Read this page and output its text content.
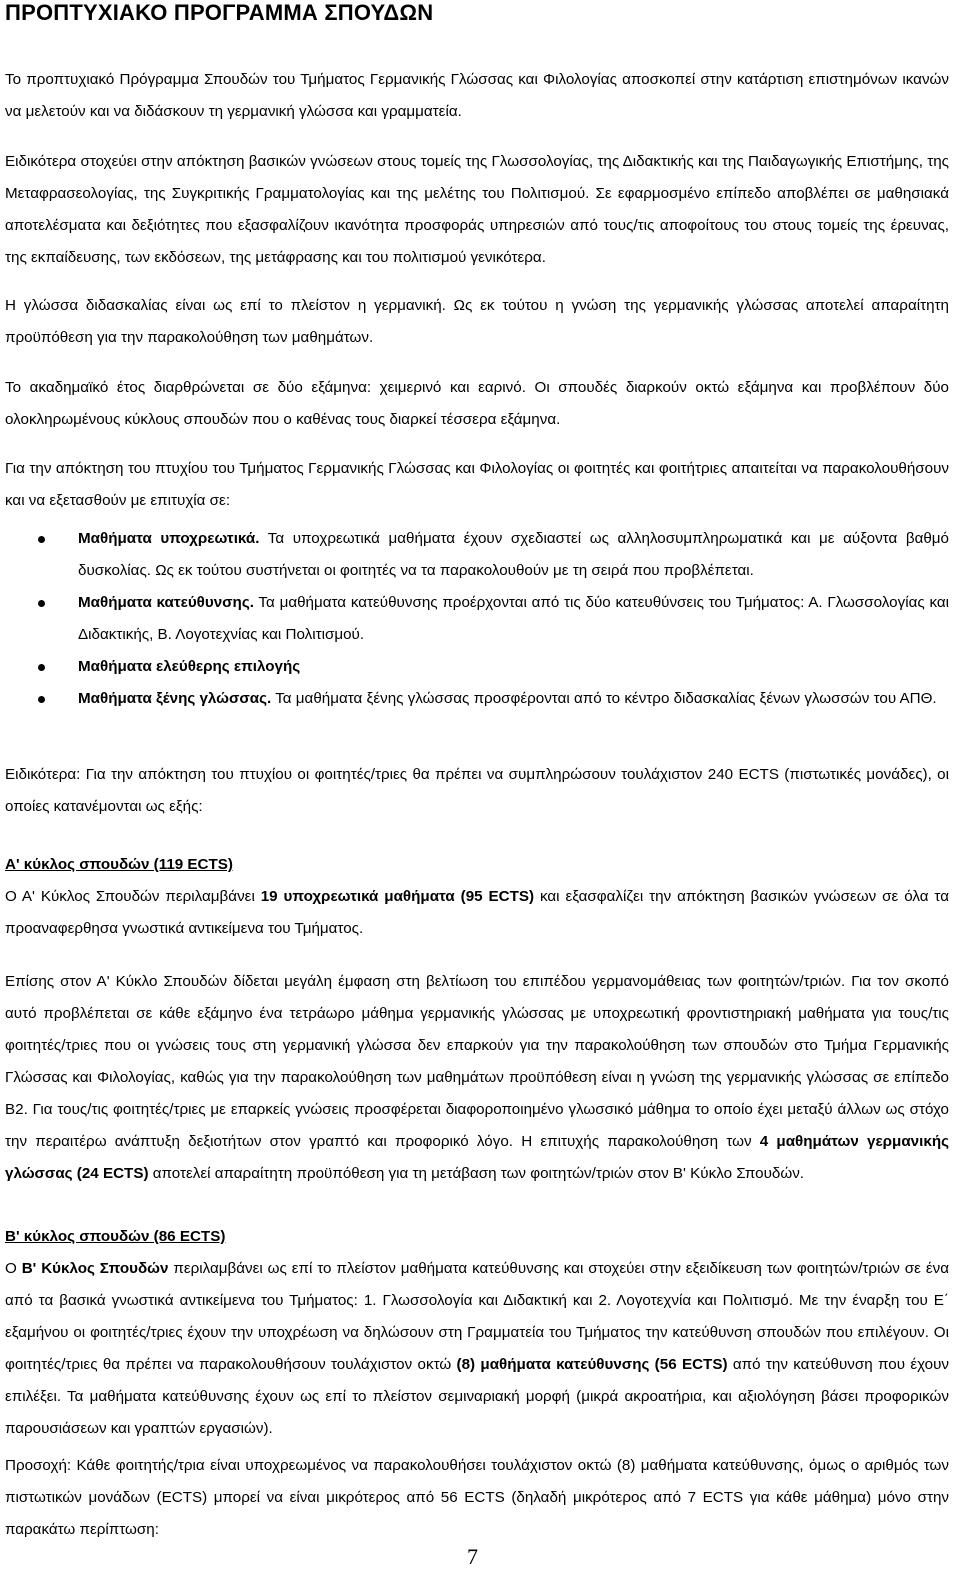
ΠΡΟΠΤΥΧΙΑΚΟ ΠΡΟΓΡΑΜΜΑ ΣΠΟΥΔΩΝ
Το προπτυχιακό Πρόγραμμα Σπουδών του Τμήματος Γερμανικής Γλώσσας και Φιλολογίας αποσκοπεί στην κατάρτιση επιστημόνων ικανών να μελετούν και να διδάσκουν τη γερμανική γλώσσα και γραμματεία.
Ειδικότερα στοχεύει στην απόκτηση βασικών γνώσεων στους τομείς της Γλωσσολογίας, της Διδακτικής και της Παιδαγωγικής Επιστήμης, της Μεταφρασεολογίας, της Συγκριτικής Γραμματολογίας και της μελέτης του Πολιτισμού. Σε εφαρμοσμένο επίπεδο αποβλέπει σε μαθησιακά αποτελέσματα και δεξιότητες που εξασφαλίζουν ικανότητα προσφοράς υπηρεσιών από τους/τις αποφοίτους του στους τομείς της έρευνας, της εκπαίδευσης, των εκδόσεων, της μετάφρασης και του πολιτισμού γενικότερα.
Η γλώσσα διδασκαλίας είναι ως επί το πλείστον η γερμανική. Ως εκ τούτου η γνώση της γερμανικής γλώσσας αποτελεί απαραίτητη προϋπόθεση για την παρακολούθηση των μαθημάτων.
Το ακαδημαϊκό έτος διαρθρώνεται σε δύο εξάμηνα: χειμερινό και εαρινό. Οι σπουδές διαρκούν οκτώ εξάμηνα και προβλέπουν δύο ολοκληρωμένους κύκλους σπουδών που ο καθένας τους διαρκεί τέσσερα εξάμηνα.
Για την απόκτηση του πτυχίου του Τμήματος Γερμανικής Γλώσσας και Φιλολογίας οι φοιτητές και φοιτήτριες απαιτείται να παρακολουθήσουν και να εξετασθούν με επιτυχία σε:
Μαθήματα υποχρεωτικά. Τα υποχρεωτικά μαθήματα έχουν σχεδιαστεί ως αλληλοσυμπληρωματικά και με αύξοντα βαθμό δυσκολίας. Ως εκ τούτου συστήνεται οι φοιτητές να τα παρακολουθούν με τη σειρά που προβλέπεται.
Μαθήματα κατεύθυνσης. Τα μαθήματα κατεύθυνσης προέρχονται από τις δύο κατευθύνσεις του Τμήματος: Α. Γλωσσολογίας και Διδακτικής, Β. Λογοτεχνίας και Πολιτισμού.
Μαθήματα ελεύθερης επιλογής
Μαθήματα ξένης γλώσσας. Τα μαθήματα ξένης γλώσσας προσφέρονται από το κέντρο διδασκαλίας ξένων γλωσσών του ΑΠΘ.
Ειδικότερα: Για την απόκτηση του πτυχίου οι φοιτητές/τριες θα πρέπει να συμπληρώσουν τουλάχιστον 240 ECTS (πιστωτικές μονάδες), οι οποίες κατανέμονται ως εξής:
Α' κύκλος σπουδών (119 ECTS)
Ο Α' Κύκλος Σπουδών περιλαμβάνει 19 υποχρεωτικά μαθήματα (95 ECTS) και εξασφαλίζει την απόκτηση βασικών γνώσεων σε όλα τα προαναφερθησα γνωστικά αντικείμενα του Τμήματος.
Επίσης στον Α' Κύκλο Σπουδών δίδεται μεγάλη έμφαση στη βελτίωση του επιπέδου γερμανομάθειας των φοιτητών/τριών. Για τον σκοπό αυτό προβλέπεται σε κάθε εξάμηνο ένα τετράωρο μάθημα γερμανικής γλώσσας με υποχρεωτική φροντιστηριακή μαθήματα για τους/τις φοιτητές/τριες που οι γνώσεις τους στη γερμανική γλώσσα δεν επαρκούν για την παρακολούθηση των σπουδών στο Τμήμα Γερμανικής Γλώσσας και Φιλολογίας, καθώς για την παρακολούθηση των μαθημάτων προϋπόθεση είναι η γνώση της γερμανικής γλώσσας σε επίπεδο Β2. Για τους/τις φοιτητές/τριες με επαρκείς γνώσεις προσφέρεται διαφοροποιημένο γλωσσικό μάθημα το οποίο έχει μεταξύ άλλων ως στόχο την περαιτέρω ανάπτυξη δεξιοτήτων στον γραπτό και προφορικό λόγο. Η επιτυχής παρακολούθηση των 4 μαθημάτων γερμανικής γλώσσας (24 ECTS) αποτελεί απαραίτητη προϋπόθεση για τη μετάβαση των φοιτητών/τριών στον Β' Κύκλο Σπουδών.
Β' κύκλος σπουδών (86 ECTS)
Ο Β' Κύκλος Σπουδών περιλαμβάνει ως επί το πλείστον μαθήματα κατεύθυνσης και στοχεύει στην εξειδίκευση των φοιτητών/τριών σε ένα από τα βασικά γνωστικά αντικείμενα του Τμήματος: 1. Γλωσσολογία και Διδακτική και 2. Λογοτεχνία και Πολιτισμό. Με την έναρξη του Ε΄ εξαμήνου οι φοιτητές/τριες έχουν την υποχρέωση να δηλώσουν στη Γραμματεία του Τμήματος την κατεύθυνση σπουδών που επιλέγουν. Οι φοιτητές/τριες θα πρέπει να παρακολουθήσουν τουλάχιστον οκτώ (8) μαθήματα κατεύθυνσης (56 ECTS) από την κατεύθυνση που έχουν επιλέξει. Τα μαθήματα κατεύθυνσης έχουν ως επί το πλείστον σεμιναριακή μορφή (μικρά ακροατήρια, και αξιολόγηση βάσει προφορικών παρουσιάσεων και γραπτών εργασιών).
Προσοχή: Κάθε φοιτητής/τρια είναι υποχρεωμένος να παρακολουθήσει τουλάχιστον οκτώ (8) μαθήματα κατεύθυνσης, όμως ο αριθμός των πιστωτικών μονάδων (ECTS) μπορεί να είναι μικρότερος από 56 ECTS (δηλαδή μικρότερος από 7 ECTS για κάθε μάθημα) μόνο στην παρακάτω περίπτωση:
7
